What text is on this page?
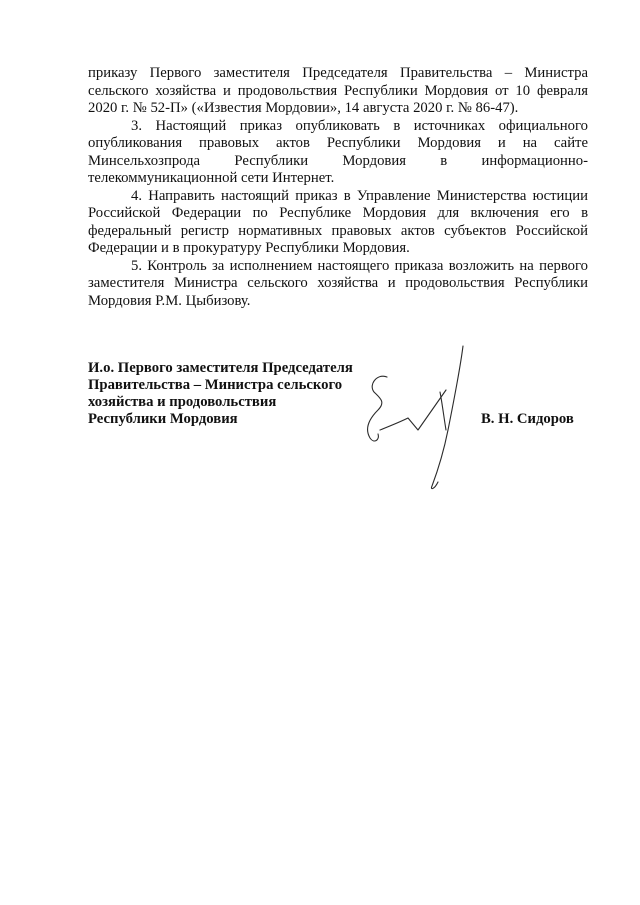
приказу Первого заместителя Председателя Правительства – Министра
сельского хозяйства и продовольствия Республики Мордовия от 10 февраля
2020 г. № 52-П» («Известия Мордовии», 14 августа 2020 г. № 86-47).
3. Настоящий приказ опубликовать в источниках официального
опубликования правовых актов Республики Мордовия и на сайте
Минсельхозпрода Республики Мордовия в информационно-
телекоммуникационной сети Интернет.
4. Направить настоящий приказ в Управление Министерства юстиции
Российской Федерации по Республике Мордовия для включения его в
федеральный регистр нормативных правовых актов субъектов Российской
Федерации и в прокуратуру Республики Мордовия.
5. Контроль за исполнением настоящего приказа возложить на первого
заместителя Министра сельского хозяйства и продовольствия Республики
Мордовия Р.М. Цыбизову.
И.о. Первого заместителя Председателя
Правительства – Министра сельского
хозяйства и продовольствия
Республики Мордовия	В. Н. Сидоров
